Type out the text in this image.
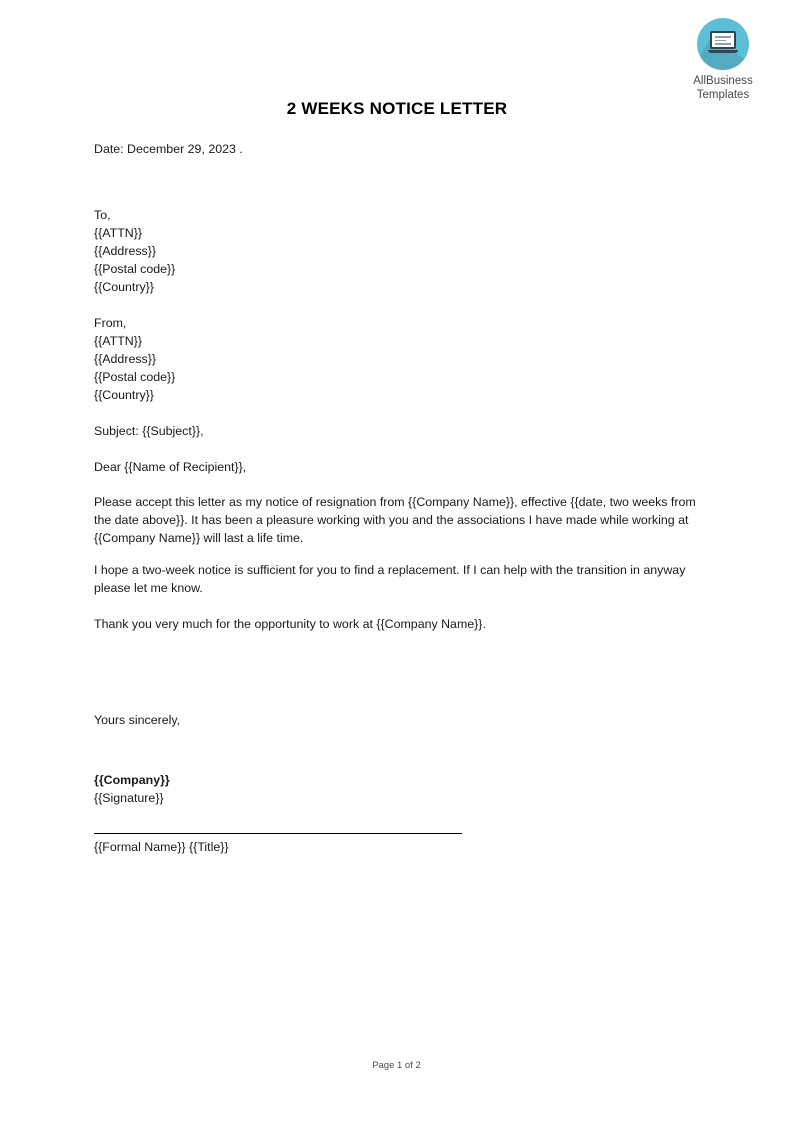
AllBusiness
Templates
2 WEEKS NOTICE LETTER
Date: December 29, 2023 .
To,
{{ATTN}}
{{Address}}
{{Postal code}}
{{Country}}
From,
{{ATTN}}
{{Address}}
{{Postal code}}
{{Country}}
Subject: {{Subject}},
Dear {{Name of Recipient}},
Please accept this letter as my notice of resignation from {{Company Name}}, effective {{date, two weeks from the date above}}. It has been a pleasure working with you and the associations I have made while working at {{Company Name}} will last a life time.
I hope a two-week notice is sufficient for you to find a replacement. If I can help with the transition in anyway please let me know.
Thank you very much for the opportunity to work at {{Company Name}}.
Yours sincerely,
{{Company}}
{{Signature}}
{{Formal Name}} {{Title}}
Page 1 of 2
